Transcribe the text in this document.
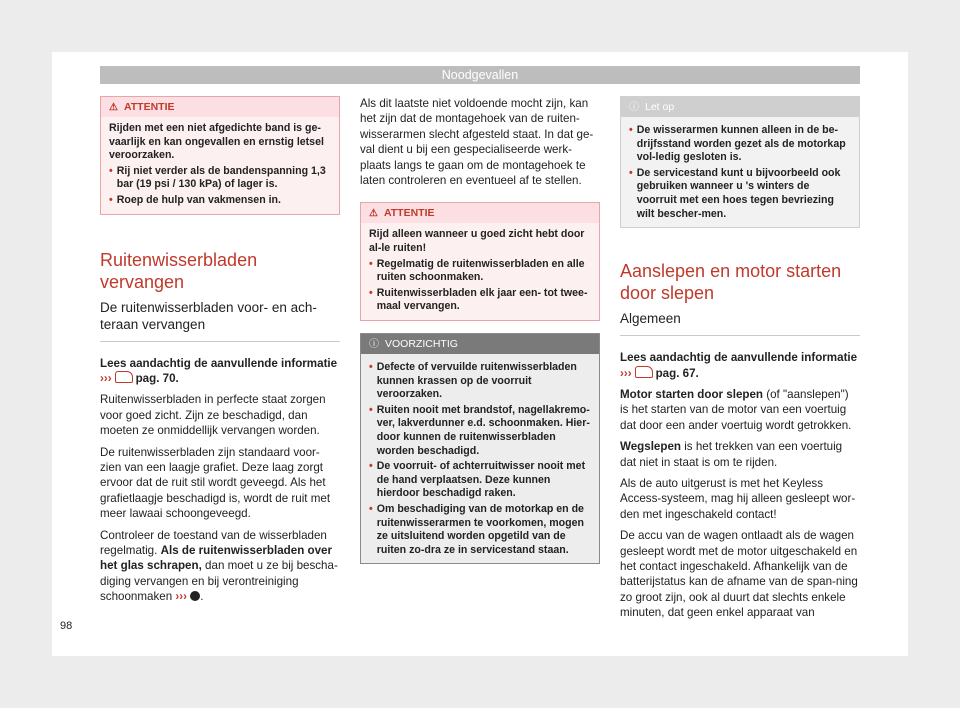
Noodgevallen
⚠ ATTENTIE
Rijden met een niet afgedichte band is ge-vaarlijk en kan ongevallen en ernstig letsel veroorzaken.
• Rij niet verder als de bandenspanning 1,3 bar (19 psi / 130 kPa) of lager is.
• Roep de hulp van vakmensen in.
Ruitenwisserbladen vervangen
De ruitenwisserbladen voor- en ach-teraan vervangen

Lees aandachtig de aanvullende informatie
››› pag. 70.

Ruitenwisserbladen in perfecte staat zorgen voor goed zicht. Zijn ze beschadigd, dan moeten ze onmiddellijk vervangen worden.

De ruitenwisserbladen zijn standaard voor-zien van een laagje grafiet. Deze laag zorgt ervoor dat de ruit stil wordt geveegd. Als het grafietlaagje beschadigd is, wordt de ruit met meer lawaai schoongeveegd.

Controleer de toestand van de wisserbladen regelmatig. Als de ruitenwisserbladen over het glas schrapen, dan moet u ze bij bescha-diging vervangen en bij verontreiniging schoonmaken ››› .

Als dit laatste niet voldoende mocht zijn, kan het zijn dat de montagehoek van de ruiten-wisserarmen slecht afgesteld staat. In dat ge-val dient u bij een gespecialiseerde werk-plaats langs te gaan om de montagehoek te laten controleren en eventueel af te stellen.

⚠ ATTENTIE
Rijd alleen wanneer u goed zicht hebt door al-le ruiten!
• Regelmatig de ruitenwisserbladen en alle ruiten schoonmaken.
• Ruitenwisserbladen elk jaar een- tot twee-maal vervangen.
ⓘ VOORZICHTIG
• Defecte of vervuilde ruitenwisserbladen kunnen krassen op de voorruit veroorzaken.
• Ruiten nooit met brandstof, nagellakremo-ver, lakverdunner e.d. schoonmaken. Hier-door kunnen de ruitenwisserbladen worden beschadigd.
• De voorruit- of achterruitwisser nooit met de hand verplaatsen. Deze kunnen hierdoor beschadigd raken.
• Om beschadiging van de motorkap en de ruitenwisserarmen te voorkomen, mogen ze uitsluitend worden opgetild van de ruiten zo-dra ze in servicestand staan.
ⓘ Let op
• De wisserarmen kunnen alleen in de be-drijfsstand worden gezet als de motorkap vol-ledig gesloten is.
• De servicestand kunt u bijvoorbeeld ook gebruiken wanneer u 's winters de voorruit met een hoes tegen bevriezing wilt bescher-men.
Aanslepen en motor starten door slepen
Algemeen

Lees aandachtig de aanvullende informatie
››› pag. 67.

Motor starten door slepen (of "aanslepen") is het starten van de motor van een voertuig dat door een ander voertuig wordt getrokken.

Wegslepen is het trekken van een voertuig dat niet in staat is om te rijden.

Als de auto uitgerust is met het Keyless Access-systeem, mag hij alleen gesleept wor-den met ingeschakeld contact!

De accu van de wagen ontlaadt als de wagen gesleept wordt met de motor uitgeschakeld en het contact ingeschakeld. Afhankelijk van de batterijstatus kan de afname van de span-ning zo groot zijn, ook al duurt dat slechts enkele minuten, dat geen enkel apparaat van

98
